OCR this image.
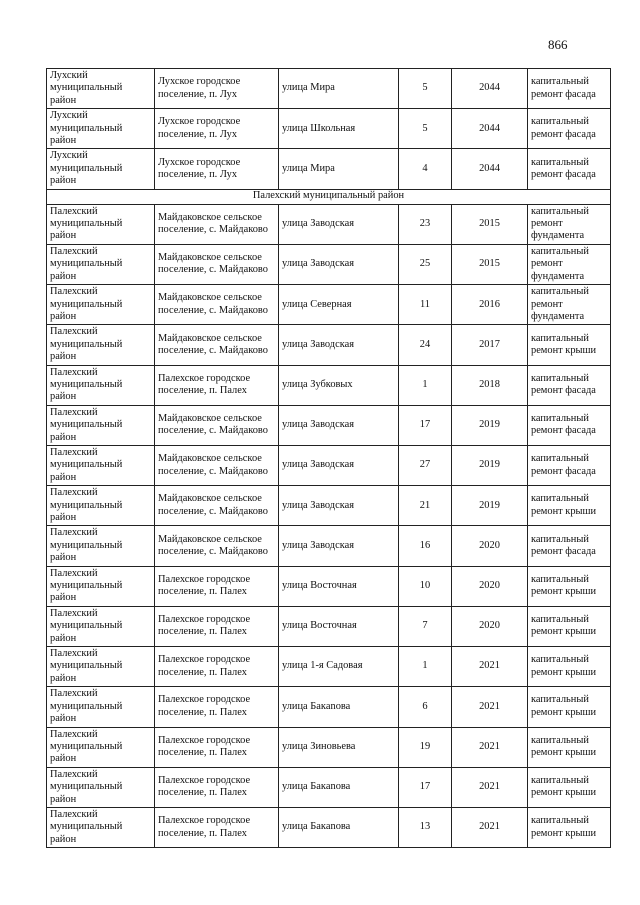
866
Лухский муниципальный район	Лухское городское поселение, п. Лух	улица Мира	5	2044	капитальный ремонт фасада
Лухский муниципальный район	Лухское городское поселение, п. Лух	улица Школьная	5	2044	капитальный ремонт фасада
Лухский муниципальный район	Лухское городское поселение, п. Лух	улица Мира	4	2044	капитальный ремонт фасада
Палехский муниципальный район					
Палехский муниципальный район	Майдаковское сельское поселение, с. Майдаково	улица Заводская	23	2015	капитальный ремонт фундамента
Палехский муниципальный район	Майдаковское сельское поселение, с. Майдаково	улица Заводская	25	2015	капитальный ремонт фундамента
Палехский муниципальный район	Майдаковское сельское поселение, с. Майдаково	улица Северная	11	2016	капитальный ремонт фундамента
Палехский муниципальный район	Майдаковское сельское поселение, с. Майдаково	улица Заводская	24	2017	капитальный ремонт крыши
Палехский муниципальный район	Палехское городское поселение, п. Палех	улица Зубковых	1	2018	капитальный ремонт фасада
Палехский муниципальный район	Майдаковское сельское поселение, с. Майдаково	улица Заводская	17	2019	капитальный ремонт фасада
Палехский муниципальный район	Майдаковское сельское поселение, с. Майдаково	улица Заводская	27	2019	капитальный ремонт фасада
Палехский муниципальный район	Майдаковское сельское поселение, с. Майдаково	улица Заводская	21	2019	капитальный ремонт крыши
Палехский муниципальный район	Майдаковское сельское поселение, с. Майдаково	улица Заводская	16	2020	капитальный ремонт фасада
Палехский муниципальный район	Палехское городское поселение, п. Палех	улица Восточная	10	2020	капитальный ремонт крыши
Палехский муниципальный район	Палехское городское поселение, п. Палех	улица Восточная	7	2020	капитальный ремонт крыши
Палехский муниципальный район	Палехское городское поселение, п. Палех	улица 1-я Садовая	1	2021	капитальный ремонт крыши
Палехский муниципальный район	Палехское городское поселение, п. Палех	улица Бакanова	6	2021	капитальный ремонт крыши
Палехский муниципальный район	Палехское городское поселение, п. Палех	улица Зиновьева	19	2021	капитальный ремонт крыши
Палехский муниципальный район	Палехское городское поселение, п. Палех	улица Бакanова	17	2021	капитальный ремонт крыши
Палехский муниципальный район	Палехское городское поселение, п. Палех	улица Бакanова	13	2021	капитальный ремонт крыши
